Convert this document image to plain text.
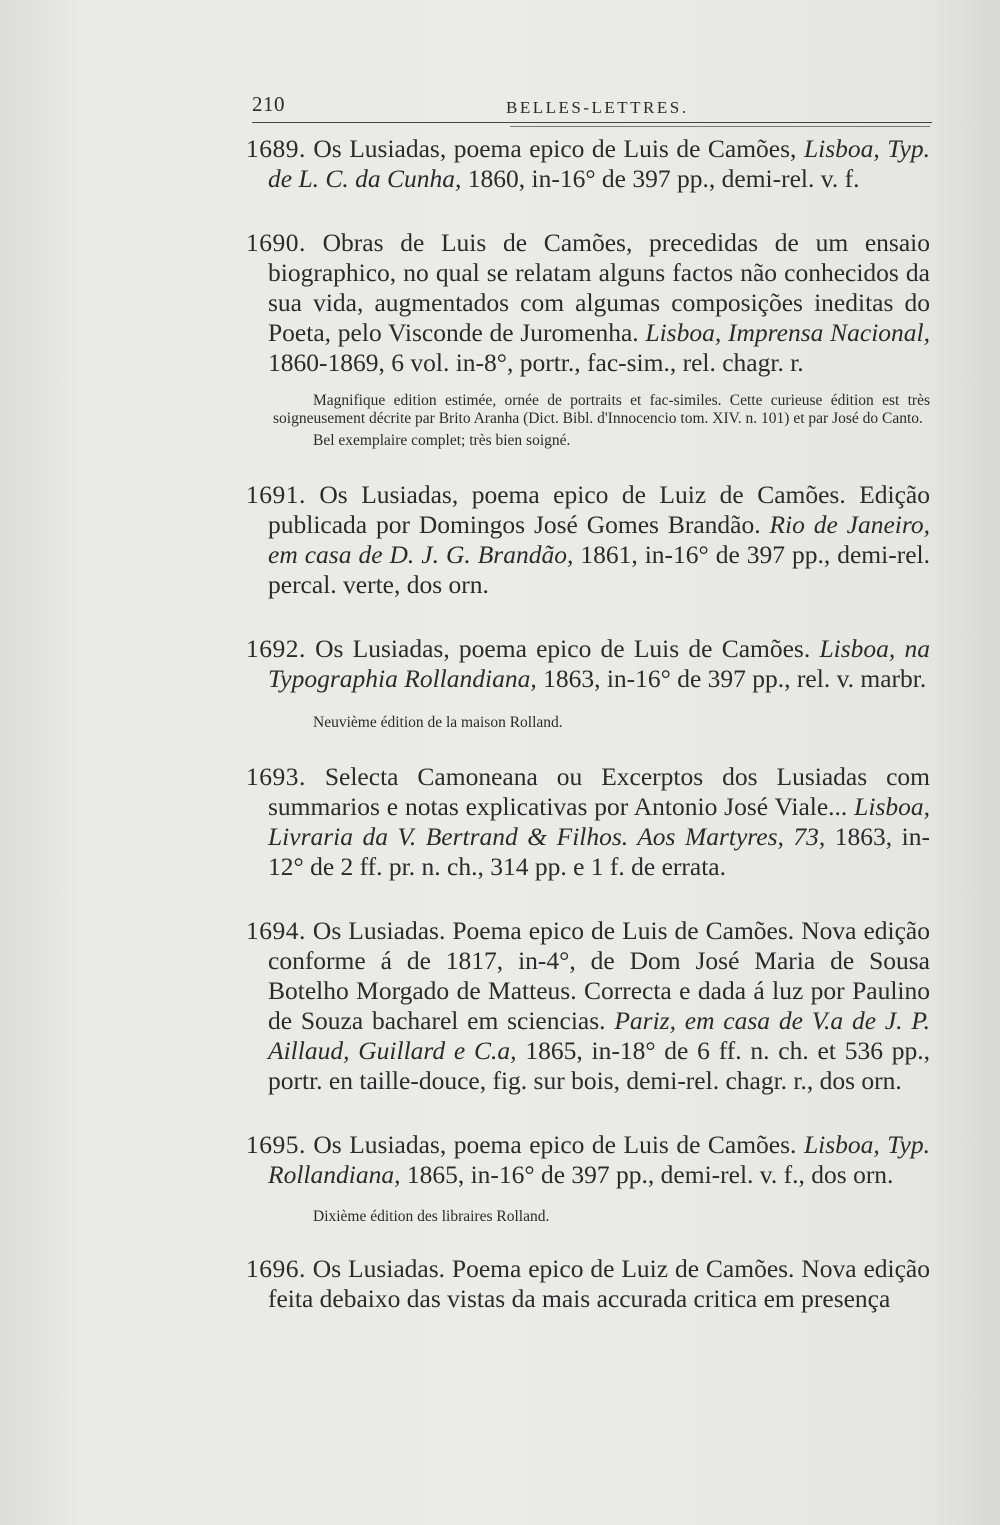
210	BELLES-LETTRES.

1689. Os Lusiadas, poema epico de Luis de Camões, Lisboa, Typ. de L. C. da Cunha, 1860, in-16° de 397 pp., demi-rel. v. f.

1690. Obras de Luis de Camões, precedidas de um ensaio biographico, no qual se relatam alguns factos não conhecidos da sua vida, augmentados com algumas composições ineditas do Poeta, pelo Visconde de Juromenha. Lisboa, Imprensa Nacional, 1860-1869, 6 vol. in-8°, portr., fac-sim., rel. chagr. r.

Magnifique edition estimée, ornée de portraits et fac-similes. Cette curieuse édition est très soigneusement décrite par Brito Aranha (Dict. Bibl. d'Innocencio tom. XIV. n. 101) et par José do Canto.

Bel exemplaire complet; très bien soigné.

1691. Os Lusiadas, poema epico de Luiz de Camões. Edição publicada por Domingos José Gomes Brandão. Rio de Janeiro, em casa de D. J. G. Brandão, 1861, in-16° de 397 pp., demi-rel. percal. verte, dos orn.

1692. Os Lusiadas, poema epico de Luis de Camões. Lisboa, na Typographia Rollandiana, 1863, in-16° de 397 pp., rel. v. marbr.

Neuvième édition de la maison Rolland.

1693. Selecta Camoneana ou Excerptos dos Lusiadas com summarios e notas explicativas por Antonio José Viale... Lisboa, Livraria da V. Bertrand & Filhos. Aos Martyres, 73, 1863, in-12° de 2 ff. pr. n. ch., 314 pp. e 1 f. de errata.

1694. Os Lusiadas. Poema epico de Luis de Camões. Nova edição conforme á de 1817, in-4°, de Dom José Maria de Sousa Botelho Morgado de Matteus. Correcta e dada á luz por Paulino de Souza bacharel em sciencias. Pariz, em casa de V.a de J. P. Aillaud, Guillard e C.a, 1865, in-18° de 6 ff. n. ch. et 536 pp., portr. en taille-douce, fig. sur bois, demi-rel. chagr. r., dos orn.

1695. Os Lusiadas, poema epico de Luis de Camões. Lisboa, Typ. Rollandiana, 1865, in-16° de 397 pp., demi-rel. v. f., dos orn.

Dixième édition des libraires Rolland.

1696. Os Lusiadas. Poema epico de Luiz de Camões. Nova edição feita debaixo das vistas da mais accurada critica em presença
